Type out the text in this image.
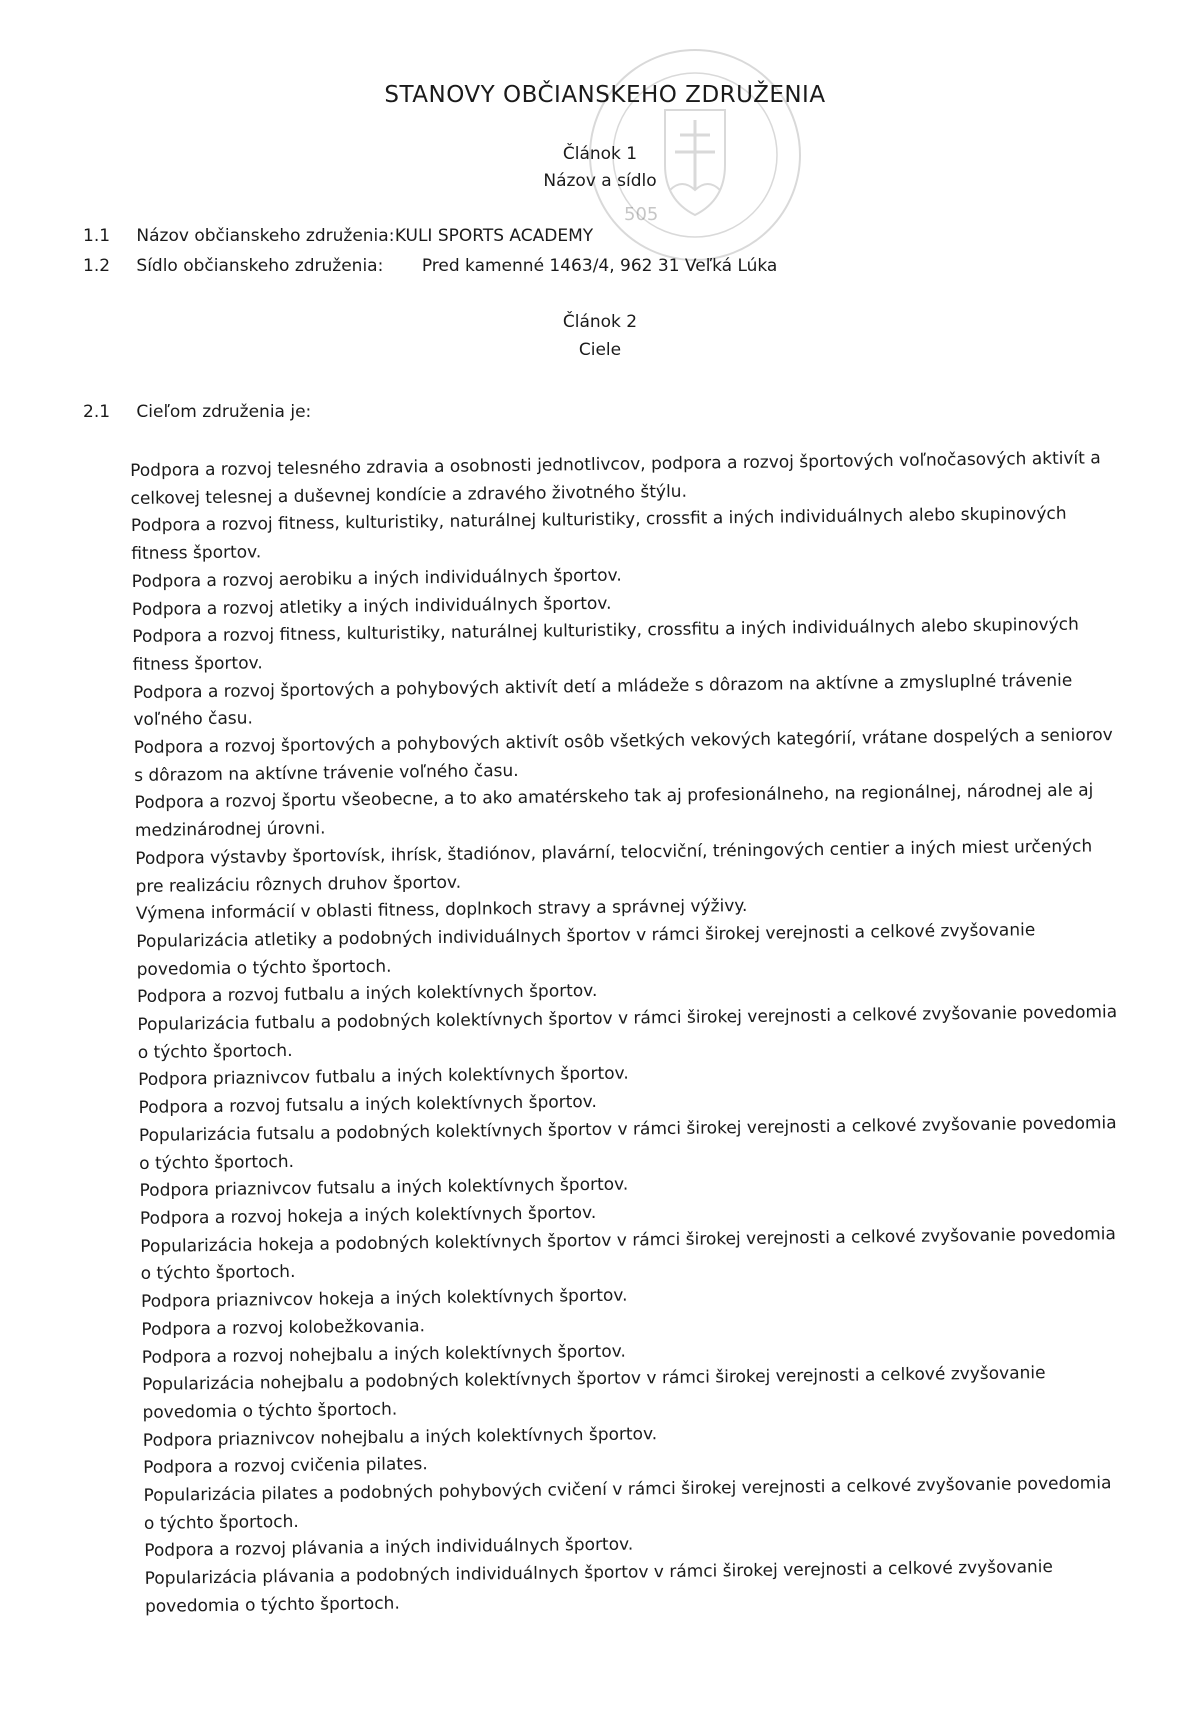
505
STANOVY OBČIANSKEHO ZDRUŽENIA
Článok 1
Názov a sídlo
1.1 Názov občianskeho združenia: KULI SPORTS ACADEMY
1.2 Sídlo občianskeho združenia: Pred kamenné 1463/4, 962 31 Veľká Lúka
Článok 2
Ciele
2.1 Cieľom združenia je:
Podpora a rozvoj telesného zdravia a osobnosti jednotlivcov, podpora a rozvoj športových voľnočasových aktivít a celkovej telesnej a duševnej kondície a zdravého životného štýlu.
Podpora a rozvoj fitness, kulturistiky, naturálnej kulturistiky, crossfit a iných individuálnych alebo skupinových fitness športov.
Podpora a rozvoj aerobiku a iných individuálnych športov.
Podpora a rozvoj atletiky a iných individuálnych športov.
Podpora a rozvoj fitness, kulturistiky, naturálnej kulturistiky, crossfitu a iných individuálnych alebo skupinových fitness športov.
Podpora a rozvoj športových a pohybových aktivít detí a mládeže s dôrazom na aktívne a zmysluplné trávenie voľného času.
Podpora a rozvoj športových a pohybových aktivít osôb všetkých vekových kategórií, vrátane dospelých a seniorov s dôrazom na aktívne trávenie voľného času.
Podpora a rozvoj športu všeobecne, a to ako amatérskeho tak aj profesionálneho, na regionálnej, národnej ale aj medzinárodnej úrovni.
Podpora výstavby športovísk, ihrísk, štadiónov, plavární, telocviční, tréningových centier a iných miest určených pre realizáciu rôznych druhov športov.
Výmena informácií v oblasti fitness, doplnkoch stravy a správnej výživy.
Popularizácia atletiky a podobných individuálnych športov v rámci širokej verejnosti a celkové zvyšovanie povedomia o týchto športoch.
Podpora a rozvoj futbalu a iných kolektívnych športov.
Popularizácia futbalu a podobných kolektívnych športov v rámci širokej verejnosti a celkové zvyšovanie povedomia o týchto športoch.
Podpora priaznivcov futbalu a iných kolektívnych športov.
Podpora a rozvoj futsalu a iných kolektívnych športov.
Popularizácia futsalu a podobných kolektívnych športov v rámci širokej verejnosti a celkové zvyšovanie povedomia o týchto športoch.
Podpora priaznivcov futsalu a iných kolektívnych športov.
Podpora a rozvoj hokeja a iných kolektívnych športov.
Popularizácia hokeja a podobných kolektívnych športov v rámci širokej verejnosti a celkové zvyšovanie povedomia o týchto športoch.
Podpora priaznivcov hokeja a iných kolektívnych športov.
Podpora a rozvoj kolobežkovania.
Podpora a rozvoj nohejbalu a iných kolektívnych športov.
Popularizácia nohejbalu a podobných kolektívnych športov v rámci širokej verejnosti a celkové zvyšovanie povedomia o týchto športoch.
Podpora priaznivcov nohejbalu a iných kolektívnych športov.
Podpora a rozvoj cvičenia pilates.
Popularizácia pilates a podobných pohybových cvičení v rámci širokej verejnosti a celkové zvyšovanie povedomia o týchto športoch.
Podpora a rozvoj plávania a iných individuálnych športov.
Popularizácia plávania a podobných individuálnych športov v rámci širokej verejnosti a celkové zvyšovanie povedomia o týchto športoch.
